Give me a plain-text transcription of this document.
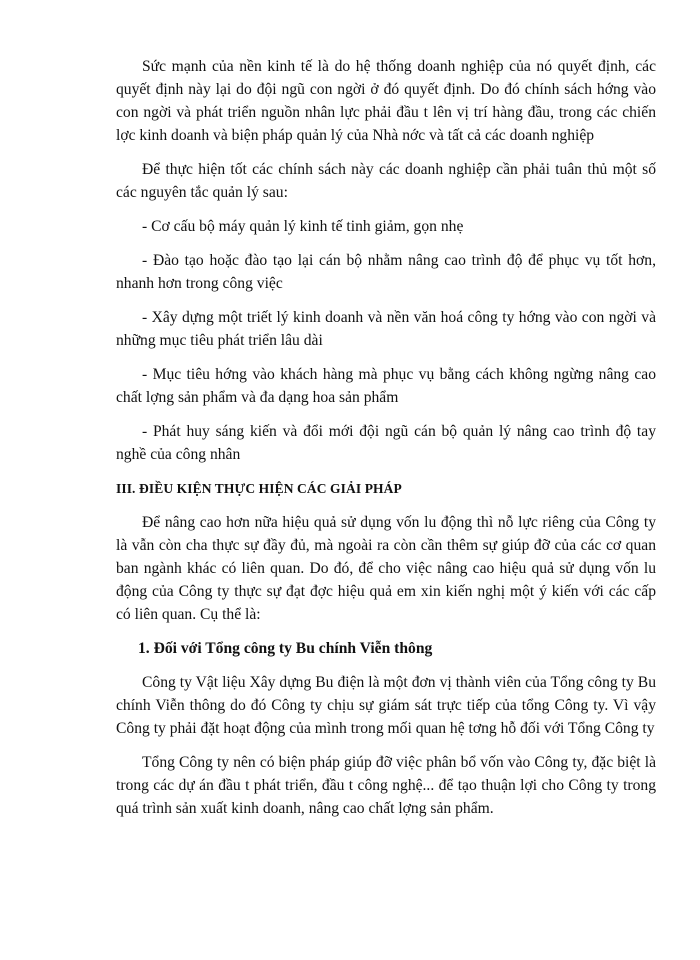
Sức mạnh của nền kinh tế là do hệ thống doanh nghiệp của nó quyết định, các quyết định này lại do đội ngũ con ngời ở đó quyết định. Do đó chính sách hớng vào con ngời và phát triển nguồn nhân lực phải đầu t lên vị trí hàng đầu, trong các chiến lợc kinh doanh và biện pháp quản lý của Nhà nớc và tất cả các doanh nghiệp

Để thực hiện tốt các chính sách này các doanh nghiệp cần phải tuân thủ một số các nguyên tắc quản lý sau:

- Cơ cấu bộ máy quản lý kinh tế tinh giảm, gọn nhẹ

- Đào tạo hoặc đào tạo lại cán bộ nhằm nâng cao trình độ để phục vụ tốt hơn, nhanh hơn trong công việc

- Xây dựng một triết lý kinh doanh và nền văn hoá công ty hớng vào con ngời và những mục tiêu phát triển lâu dài

- Mục tiêu hớng vào khách hàng mà phục vụ bằng cách không ngừng nâng cao chất lợng sản phẩm và đa dạng hoa sản phẩm

- Phát huy sáng kiến và đổi mới đội ngũ cán bộ quản lý nâng cao trình độ tay nghề của công nhân

III. ĐIỀU KIỆN THỰC HIỆN CÁC GIẢI PHÁP

Để nâng cao hơn nữa hiệu quả sử dụng vốn lu động thì nỗ lực riêng của Công ty là vẫn còn cha thực sự đầy đủ, mà ngoài ra còn cần thêm sự giúp đỡ của các cơ quan ban ngành khác có liên quan. Do đó, để cho việc nâng cao hiệu quả sử dụng vốn lu động của Công ty thực sự đạt đợc hiệu quả em xin kiến nghị một ý kiến với các cấp có liên quan. Cụ thể là:

1. Đối với Tổng công ty Bu chính Viễn thông

Công ty Vật liệu Xây dựng Bu điện là một đơn vị thành viên của Tổng công ty Bu chính Viễn thông do đó Công ty chịu sự giám sát trực tiếp của tổng Công ty. Vì vậy Công ty phải đặt hoạt động của mình trong mối quan hệ tơng hỗ đối với Tổng Công ty

Tổng Công ty nên có biện pháp giúp đỡ việc phân bổ vốn vào Công ty, đặc biệt là trong các dự án đầu t phát triển, đầu t công nghệ... để tạo thuận lợi cho Công ty trong quá trình sản xuất kinh doanh, nâng cao chất lợng sản phẩm.
